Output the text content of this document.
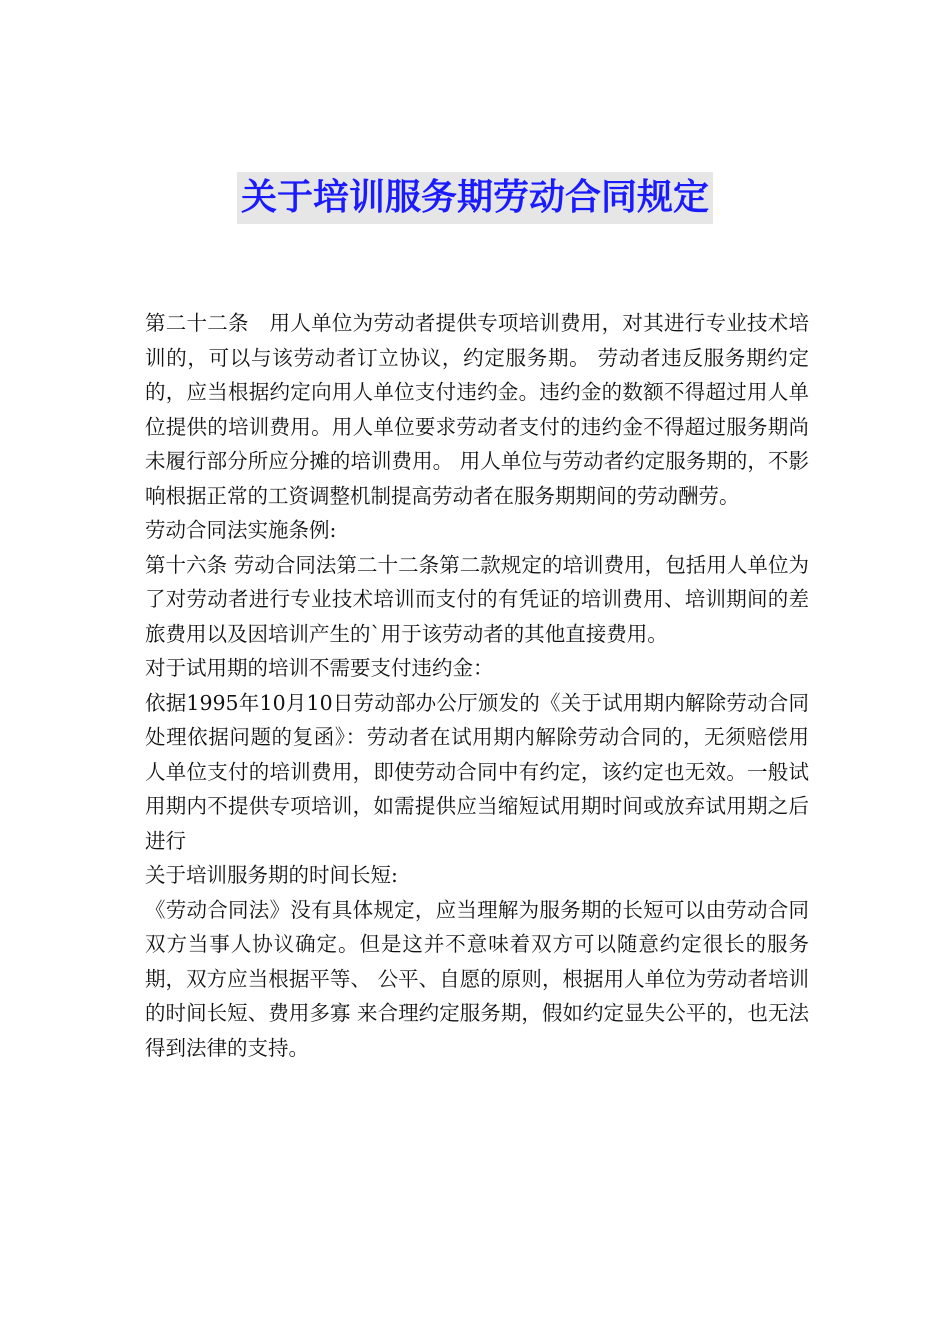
关于培训服务期劳动合同规定

第二十二条　用人单位为劳动者提供专项培训费用，对其进行专业技术培训的，可以与该劳动者订立协议，约定服务期。 劳动者违反服务期约定的，应当根据约定向用人单位支付违约金。违约金的数额不得超过用人单位提供的培训费用。用人单位要求劳动者支付的违约金不得超过服务期尚未履行部分所应分摊的培训费用。 用人单位与劳动者约定服务期的，不影响根据正常的工资调整机制提高劳动者在服务期期间的劳动酬劳。

劳动合同法实施条例:

第十六条 劳动合同法第二十二条第二款规定的培训费用，包括用人单位为了对劳动者进行专业技术培训而支付的有凭证的培训费用、培训期间的差旅费用以及因培训产生的`用于该劳动者的其他直接费用。

对于试用期的培训不需要支付违约金：

依据1995年10月10日劳动部办公厅颁发的《关于试用期内解除劳动合同处理依据问题的复函》：劳动者在试用期内解除劳动合同的，无须赔偿用人单位支付的培训费用，即使劳动合同中有约定，该约定也无效。一般试用期内不提供专项培训，如需提供应当缩短试用期时间或放弃试用期之后进行

关于培训服务期的时间长短:

《劳动合同法》没有具体规定，应当理解为服务期的长短可以由劳动合同双方当事人协议确定。但是这并不意味着双方可以随意约定很长的服务期，双方应当根据平等、 公平、自愿的原则，根据用人单位为劳动者培训的时间长短、费用多寡 来合理约定服务期，假如约定显失公平的，也无法得到法律的支持。
